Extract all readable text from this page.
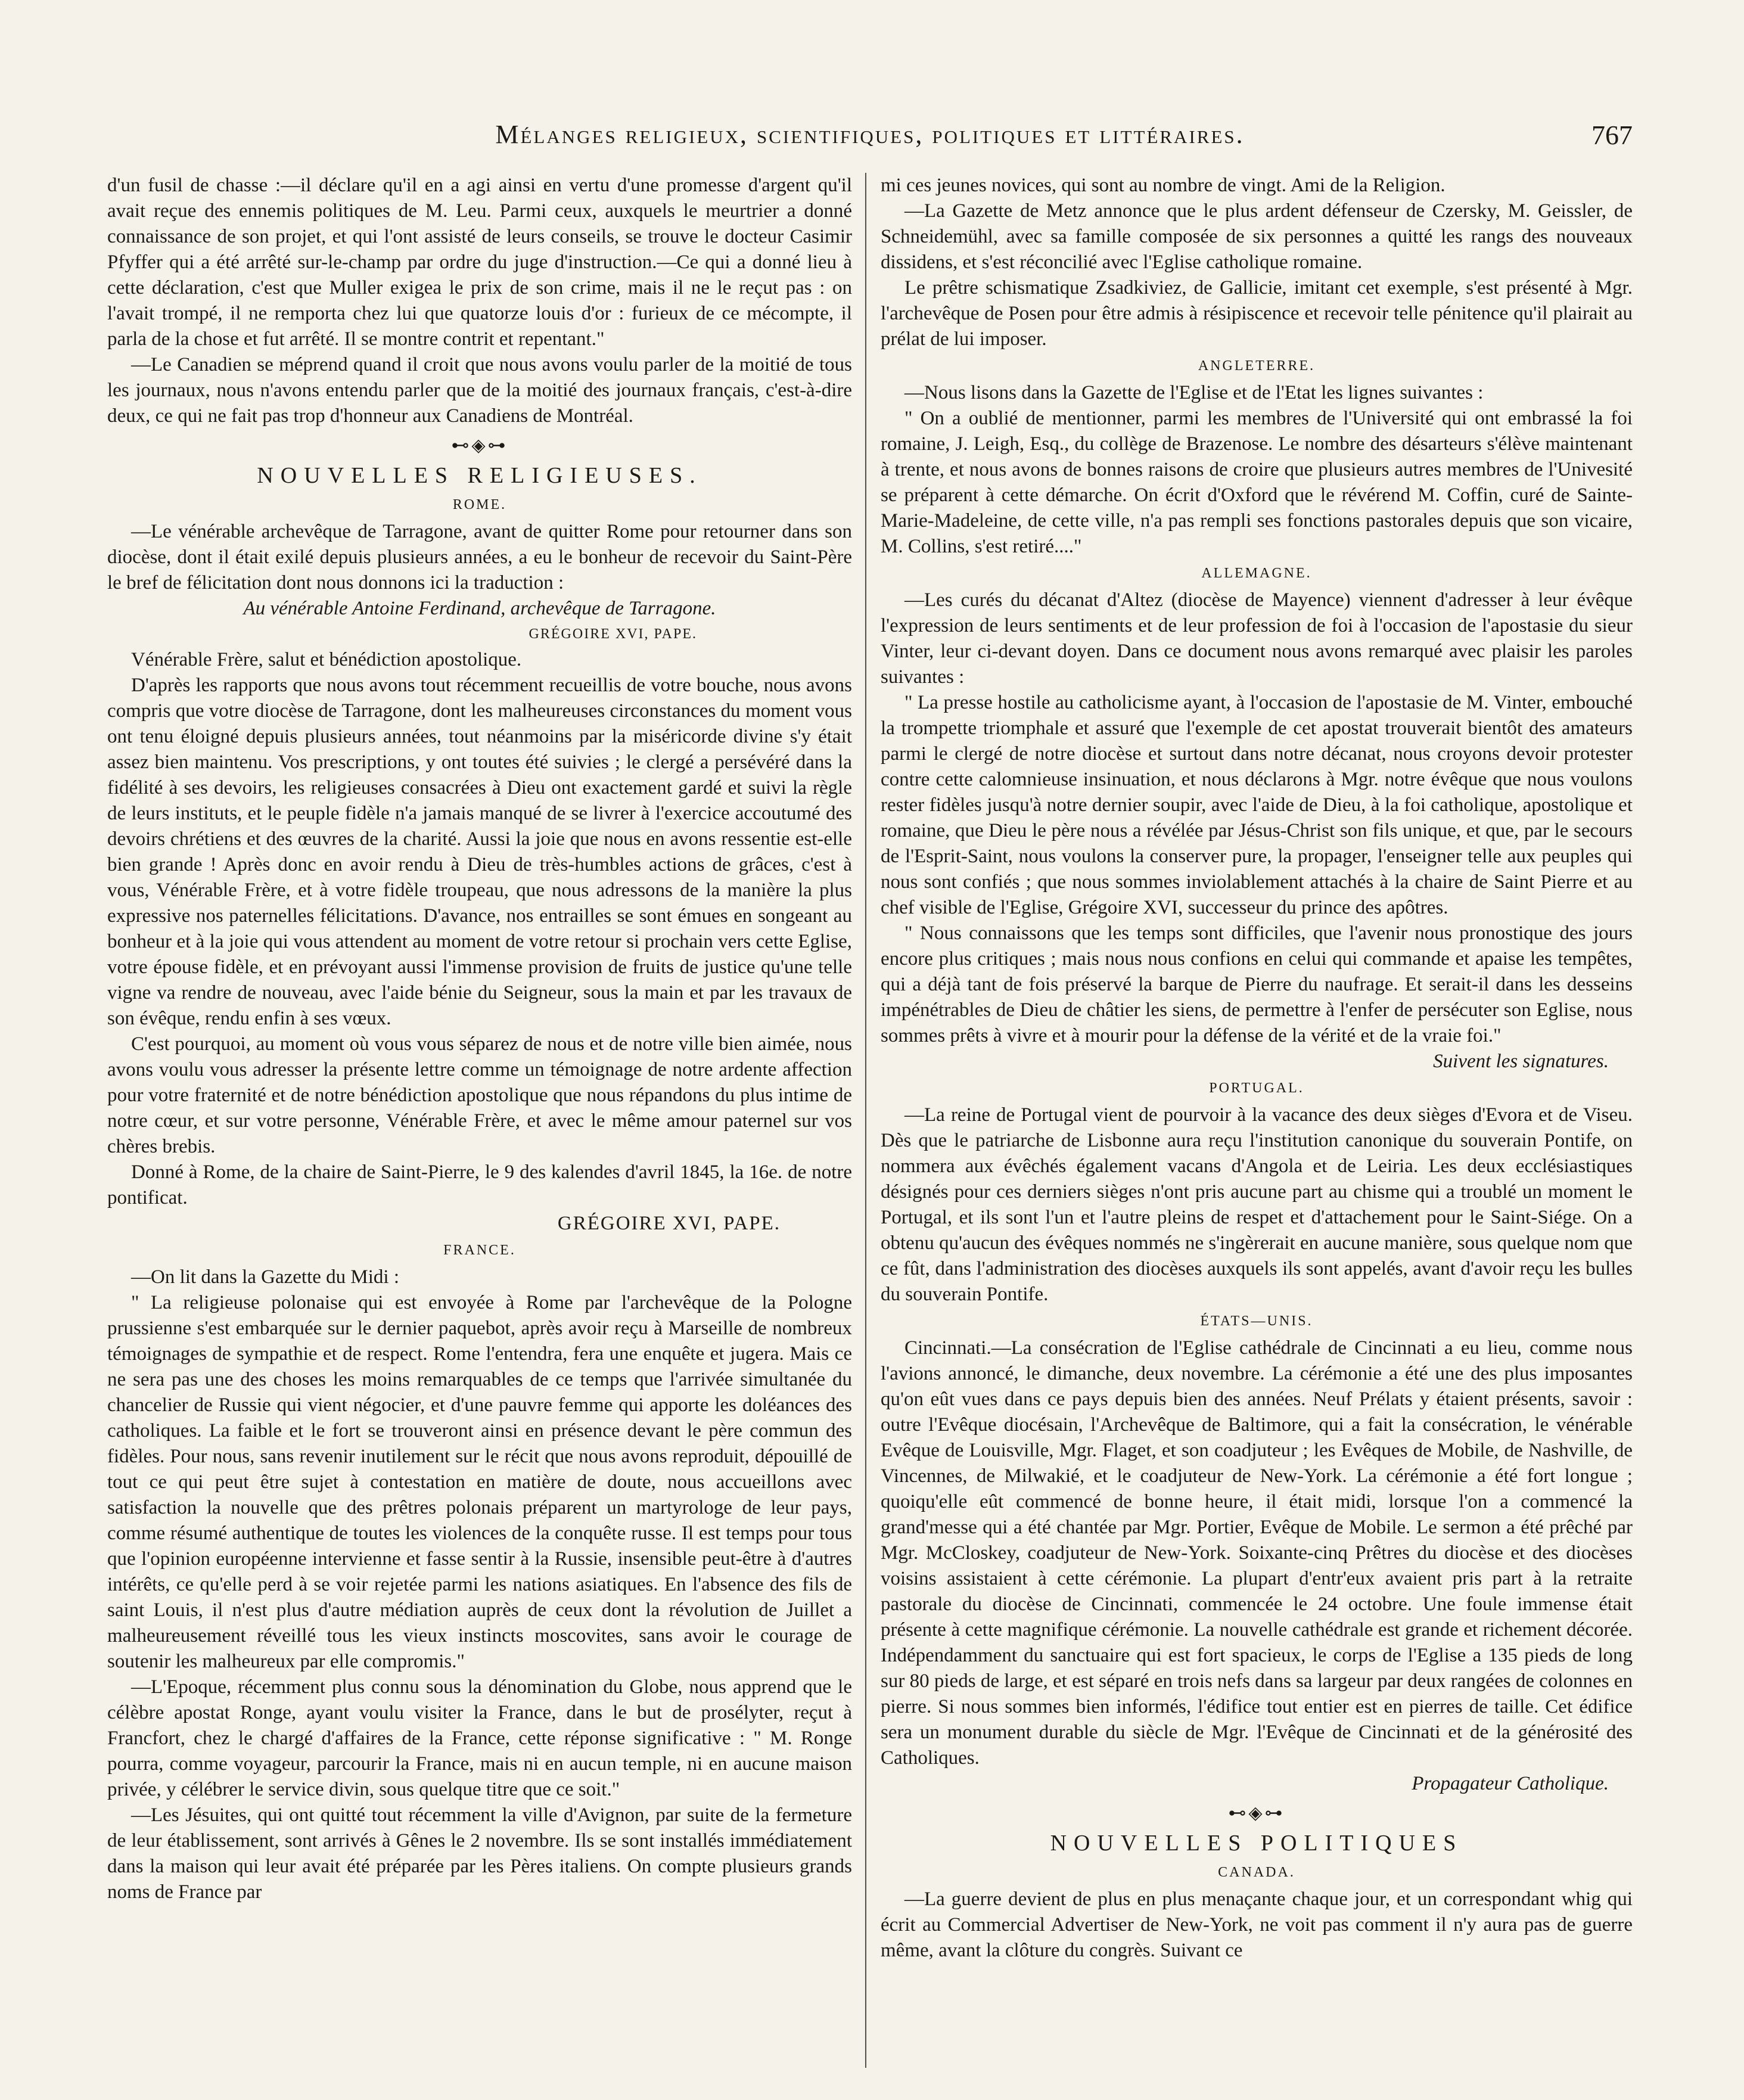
Mélanges religieux, scientifiques, politiques et littéraires.	767

d'un fusil de chasse :—il déclare qu'il en a agi ainsi en vertu d'une promesse d'argent qu'il avait reçue des ennemis politiques de M. Leu. Parmi ceux, auxquels le meurtrier a donné connaissance de son projet, et qui l'ont assisté de leurs conseils, se trouve le docteur Casimir Pfyffer qui a été arrêté sur-le-champ par ordre du juge d'instruction.—Ce qui a donné lieu à cette déclaration, c'est que Muller exigea le prix de son crime, mais il ne le reçut pas : on l'avait trompé, il ne remporta chez lui que quatorze louis d'or : furieux de ce mécompte, il parla de la chose et fut arrêté. Il se montre contrit et repentant."

—Le Canadien se méprend quand il croit que nous avons voulu parler de la moitié de tous les journaux, nous n'avons entendu parler que de la moitié des journaux français, c'est-à-dire deux, ce qui ne fait pas trop d'honneur aux Canadiens de Montréal.

⊷◈⊶
NOUVELLES RELIGIEUSES.
ROME.

—Le vénérable archevêque de Tarragone, avant de quitter Rome pour retourner dans son diocèse, dont il était exilé depuis plusieurs années, a eu le bonheur de recevoir du Saint-Père le bref de félicitation dont nous donnons ici la traduction :

Au vénérable Antoine Ferdinand, archevêque de Tarragone.
GRÉGOIRE XVI, PAPE.

Vénérable Frère, salut et bénédiction apostolique.

D'après les rapports que nous avons tout récemment recueillis de votre bouche, nous avons compris que votre diocèse de Tarragone, dont les malheureuses circonstances du moment vous ont tenu éloigné depuis plusieurs années, tout néanmoins par la miséricorde divine s'y était assez bien maintenu. Vos prescriptions, y ont toutes été suivies ; le clergé a persévéré dans la fidélité à ses devoirs, les religieuses consacrées à Dieu ont exactement gardé et suivi la règle de leurs instituts, et le peuple fidèle n'a jamais manqué de se livrer à l'exercice accoutumé des devoirs chrétiens et des œuvres de la charité. Aussi la joie que nous en avons ressentie est-elle bien grande ! Après donc en avoir rendu à Dieu de très-humbles actions de grâces, c'est à vous, Vénérable Frère, et à votre fidèle troupeau, que nous adressons de la manière la plus expressive nos paternelles félicitations. D'avance, nos entrailles se sont émues en songeant au bonheur et à la joie qui vous attendent au moment de votre retour si prochain vers cette Eglise, votre épouse fidèle, et en prévoyant aussi l'immense provision de fruits de justice qu'une telle vigne va rendre de nouveau, avec l'aide bénie du Seigneur, sous la main et par les travaux de son évêque, rendu enfin à ses vœux.

C'est pourquoi, au moment où vous vous séparez de nous et de notre ville bien aimée, nous avons voulu vous adresser la présente lettre comme un témoignage de notre ardente affection pour votre fraternité et de notre bénédiction apostolique que nous répandons du plus intime de notre cœur, et sur votre personne, Vénérable Frère, et avec le même amour paternel sur vos chères brebis.

Donné à Rome, de la chaire de Saint-Pierre, le 9 des kalendes d'avril 1845, la 16e. de notre pontificat.

GRÉGOIRE XVI, PAPE.
FRANCE.

—On lit dans la Gazette du Midi :

" La religieuse polonaise qui est envoyée à Rome par l'archevêque de la Pologne prussienne s'est embarquée sur le dernier paquebot, après avoir reçu à Marseille de nombreux témoignages de sympathie et de respect. Rome l'entendra, fera une enquête et jugera. Mais ce ne sera pas une des choses les moins remarquables de ce temps que l'arrivée simultanée du chancelier de Russie qui vient négocier, et d'une pauvre femme qui apporte les doléances des catholiques. La faible et le fort se trouveront ainsi en présence devant le père commun des fidèles. Pour nous, sans revenir inutilement sur le récit que nous avons reproduit, dépouillé de tout ce qui peut être sujet à contestation en matière de doute, nous accueillons avec satisfaction la nouvelle que des prêtres polonais préparent un martyrologe de leur pays, comme résumé authentique de toutes les violences de la conquête russe. Il est temps pour tous que l'opinion européenne intervienne et fasse sentir à la Russie, insensible peut-être à d'autres intérêts, ce qu'elle perd à se voir rejetée parmi les nations asiatiques. En l'absence des fils de saint Louis, il n'est plus d'autre médiation auprès de ceux dont la révolution de Juillet a malheureusement réveillé tous les vieux instincts moscovites, sans avoir le courage de soutenir les malheureux par elle compromis."

—L'Epoque, récemment plus connu sous la dénomination du Globe, nous apprend que le célèbre apostat Ronge, ayant voulu visiter la France, dans le but de prosélyter, reçut à Francfort, chez le chargé d'affaires de la France, cette réponse significative : " M. Ronge pourra, comme voyageur, parcourir la France, mais ni en aucun temple, ni en aucune maison privée, y célébrer le service divin, sous quelque titre que ce soit."

—Les Jésuites, qui ont quitté tout récemment la ville d'Avignon, par suite de la fermeture de leur établissement, sont arrivés à Gênes le 2 novembre. Ils se sont installés immédiatement dans la maison qui leur avait été préparée par les Pères italiens. On compte plusieurs grands noms de France par

mi ces jeunes novices, qui sont au nombre de vingt. Ami de la Religion.

—La Gazette de Metz annonce que le plus ardent défenseur de Czersky, M. Geissler, de Schneidemühl, avec sa famille composée de six personnes a quitté les rangs des nouveaux dissidens, et s'est réconcilié avec l'Eglise catholique romaine.

Le prêtre schismatique Zsadkiviez, de Gallicie, imitant cet exemple, s'est présenté à Mgr. l'archevêque de Posen pour être admis à résipiscence et recevoir telle pénitence qu'il plairait au prélat de lui imposer.

ANGLETERRE.

—Nous lisons dans la Gazette de l'Eglise et de l'Etat les lignes suivantes :

" On a oublié de mentionner, parmi les membres de l'Université qui ont embrassé la foi romaine, J. Leigh, Esq., du collège de Brazenose. Le nombre des désarteurs s'élève maintenant à trente, et nous avons de bonnes raisons de croire que plusieurs autres membres de l'Univesité se préparent à cette démarche. On écrit d'Oxford que le révérend M. Coffin, curé de Sainte-Marie-Madeleine, de cette ville, n'a pas rempli ses fonctions pastorales depuis que son vicaire, M. Collins, s'est retiré...."

ALLEMAGNE.

—Les curés du décanat d'Altez (diocèse de Mayence) viennent d'adresser à leur évêque l'expression de leurs sentiments et de leur profession de foi à l'occasion de l'apostasie du sieur Vinter, leur ci-devant doyen. Dans ce document nous avons remarqué avec plaisir les paroles suivantes :

" La presse hostile au catholicisme ayant, à l'occasion de l'apostasie de M. Vinter, embouché la trompette triomphale et assuré que l'exemple de cet apostat trouverait bientôt des amateurs parmi le clergé de notre diocèse et surtout dans notre décanat, nous croyons devoir protester contre cette calomnieuse insinuation, et nous déclarons à Mgr. notre évêque que nous voulons rester fidèles jusqu'à notre dernier soupir, avec l'aide de Dieu, à la foi catholique, apostolique et romaine, que Dieu le père nous a révélée par Jésus-Christ son fils unique, et que, par le secours de l'Esprit-Saint, nous voulons la conserver pure, la propager, l'enseigner telle aux peuples qui nous sont confiés ; que nous sommes inviolablement attachés à la chaire de Saint Pierre et au chef visible de l'Eglise, Grégoire XVI, successeur du prince des apôtres.

" Nous connaissons que les temps sont difficiles, que l'avenir nous pronostique des jours encore plus critiques ; mais nous nous confions en celui qui commande et apaise les tempêtes, qui a déjà tant de fois préservé la barque de Pierre du naufrage. Et serait-il dans les desseins impénétrables de Dieu de châtier les siens, de permettre à l'enfer de persécuter son Eglise, nous sommes prêts à vivre et à mourir pour la défense de la vérité et de la vraie foi."

Suivent les signatures.
PORTUGAL.

—La reine de Portugal vient de pourvoir à la vacance des deux sièges d'Evora et de Viseu. Dès que le patriarche de Lisbonne aura reçu l'institution canonique du souverain Pontife, on nommera aux évêchés également vacans d'Angola et de Leiria. Les deux ecclésiastiques désignés pour ces derniers sièges n'ont pris aucune part au chisme qui a troublé un moment le Portugal, et ils sont l'un et l'autre pleins de respet et d'attachement pour le Saint-Siége. On a obtenu qu'aucun des évêques nommés ne s'ingèrerait en aucune manière, sous quelque nom que ce fût, dans l'administration des diocèses auxquels ils sont appelés, avant d'avoir reçu les bulles du souverain Pontife.

ÉTATS—UNIS.

Cincinnati.—La consécration de l'Eglise cathédrale de Cincinnati a eu lieu, comme nous l'avions annoncé, le dimanche, deux novembre. La cérémonie a été une des plus imposantes qu'on eût vues dans ce pays depuis bien des années. Neuf Prélats y étaient présents, savoir : outre l'Evêque diocésain, l'Archevêque de Baltimore, qui a fait la consécration, le vénérable Evêque de Louisville, Mgr. Flaget, et son coadjuteur ; les Evêques de Mobile, de Nashville, de Vincennes, de Milwakié, et le coadjuteur de New-York. La cérémonie a été fort longue ; quoiqu'elle eût commencé de bonne heure, il était midi, lorsque l'on a commencé la grand'messe qui a été chantée par Mgr. Portier, Evêque de Mobile. Le sermon a été prêché par Mgr. McCloskey, coadjuteur de New-York. Soixante-cinq Prêtres du diocèse et des diocèses voisins assistaient à cette cérémonie. La plupart d'entr'eux avaient pris part à la retraite pastorale du diocèse de Cincinnati, commencée le 24 octobre. Une foule immense était présente à cette magnifique cérémonie. La nouvelle cathédrale est grande et richement décorée. Indépendamment du sanctuaire qui est fort spacieux, le corps de l'Eglise a 135 pieds de long sur 80 pieds de large, et est séparé en trois nefs dans sa largeur par deux rangées de colonnes en pierre. Si nous sommes bien informés, l'édifice tout entier est en pierres de taille. Cet édifice sera un monument durable du siècle de Mgr. l'Evêque de Cincinnati et de la générosité des Catholiques.

Propagateur Catholique.
⊷◈⊶
NOUVELLES POLITIQUES
CANADA.

—La guerre devient de plus en plus menaçante chaque jour, et un correspondant whig qui écrit au Commercial Advertiser de New-York, ne voit pas comment il n'y aura pas de guerre même, avant la clôture du congrès. Suivant ce
